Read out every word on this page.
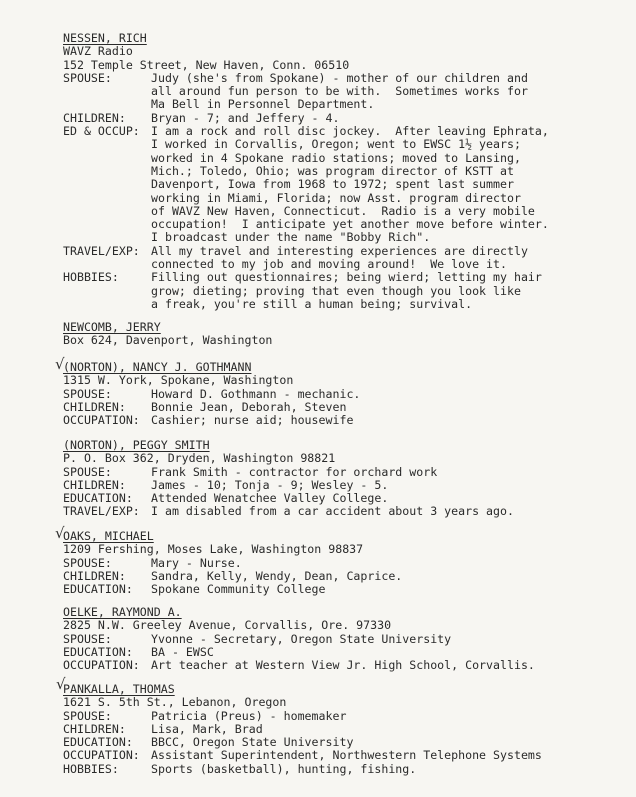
NESSEN, RICH
WAVZ Radio
152 Temple Street, New Haven, Conn. 06510
SPOUSE:	Judy (she's from Spokane) - mother of our children and
all around fun person to be with.  Sometimes works for
Ma Bell in Personnel Department.
CHILDREN:	Bryan - 7; and Jeffery - 4.
ED & OCCUP: I am a rock and roll disc jockey.  After leaving Ephrata,
I worked in Corvallis, Oregon; went to EWSC 1½ years;
worked in 4 Spokane radio stations; moved to Lansing,
Mich.; Toledo, Ohio; was program director of KSTT at
Davenport, Iowa from 1968 to 1972; spent last summer
working in Miami, Florida; now Asst. program director
of WAVZ New Haven, Connecticut.  Radio is a very mobile
occupation!  I anticipate yet another move before winter.
I broadcast under the name "Bobby Rich".
TRAVEL/EXP: All my travel and interesting experiences are directly
connected to my job and moving around!  We love it.
HOBBIES:	Filling out questionnaires; being wierd; letting my hair
grow; dieting; proving that even though you look like
a freak, you're still a human being; survival.
NEWCOMB, JERRY
Box 624, Davenport, Washington
√
(NORTON), NANCY J. GOTHMANN
1315 W. York, Spokane, Washington
SPOUSE:	Howard D. Gothmann - mechanic.
CHILDREN:	Bonnie Jean, Deborah, Steven
OCCUPATION: Cashier; nurse aid; housewife
(NORTON), PEGGY SMITH
P. O. Box 362, Dryden, Washington 98821
SPOUSE:	Frank Smith - contractor for orchard work
CHILDREN:	James - 10; Tonja - 9; Wesley - 5.
EDUCATION:	Attended Wenatchee Valley College.
TRAVEL/EXP: I am disabled from a car accident about 3 years ago.
√
OAKS, MICHAEL
1209 Fershing, Moses Lake, Washington 98837
SPOUSE:	Mary - Nurse.
CHILDREN:	Sandra, Kelly, Wendy, Dean, Caprice.
EDUCATION:	Spokane Community College
OELKE, RAYMOND A.
2825 N.W. Greeley Avenue, Corvallis, Ore. 97330
SPOUSE:	Yvonne - Secretary, Oregon State University
EDUCATION:	BA - EWSC
OCCUPATION: Art teacher at Western View Jr. High School, Corvallis.
√
PANKALLA, THOMAS
1621 S. 5th St., Lebanon, Oregon
SPOUSE:	Patricia (Preus) - homemaker
CHILDREN:	Lisa, Mark, Brad
EDUCATION:	BBCC, Oregon State University
OCCUPATION: Assistant Superintendent, Northwestern Telephone Systems
HOBBIES:	Sports (basketball), hunting, fishing.
